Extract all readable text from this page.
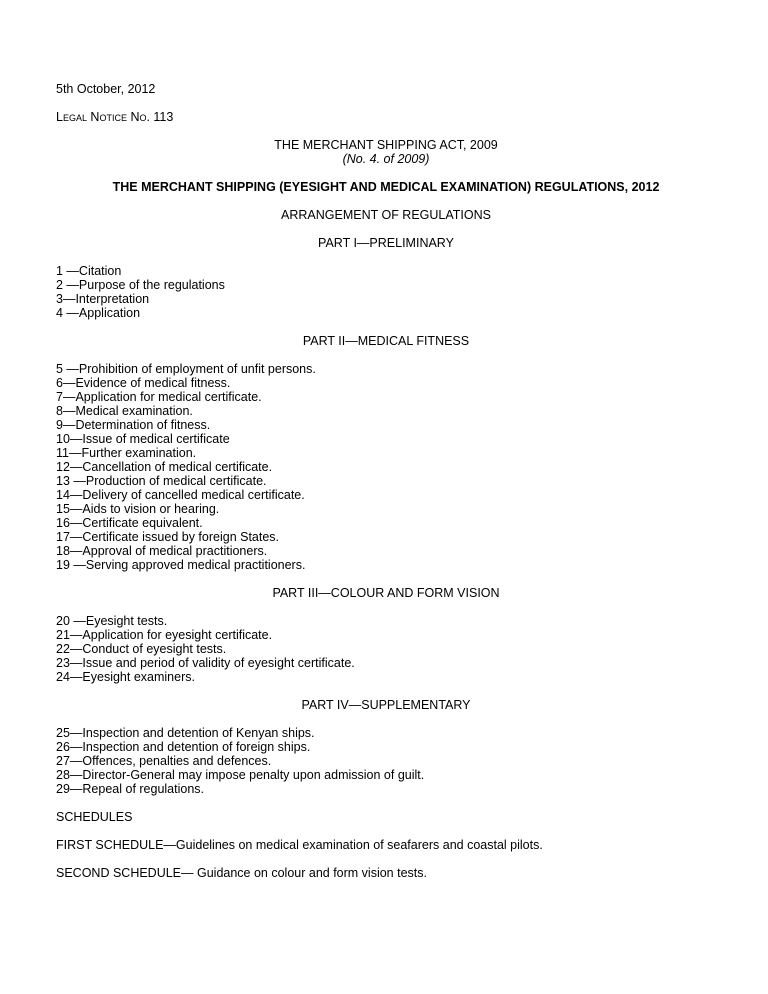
5th October, 2012
Legal Notice No. 113
THE MERCHANT SHIPPING ACT, 2009
(No. 4. of 2009)
THE MERCHANT SHIPPING (EYESIGHT AND MEDICAL EXAMINATION) REGULATIONS, 2012
ARRANGEMENT OF REGULATIONS
PART I—PRELIMINARY
1 —Citation
2 —Purpose of the regulations
3—Interpretation
4 —Application
PART II—MEDICAL FITNESS
5 —Prohibition of employment of unfit persons.
6—Evidence of medical fitness.
7—Application for medical certificate.
8—Medical examination.
9—Determination of fitness.
10—Issue of medical certificate
11—Further examination.
12—Cancellation of medical certificate.
13 —Production of medical certificate.
14—Delivery of cancelled medical certificate.
15—Aids to vision or hearing.
16—Certificate equivalent.
17—Certificate issued by foreign States.
18—Approval of medical practitioners.
19 —Serving approved medical practitioners.
PART III—COLOUR AND FORM VISION
20 —Eyesight tests.
21—Application for eyesight certificate.
22—Conduct of eyesight tests.
23—Issue and period of validity of eyesight certificate.
24—Eyesight examiners.
PART IV—SUPPLEMENTARY
25—Inspection and detention of Kenyan ships.
26—Inspection and detention of foreign ships.
27—Offences, penalties and defences.
28—Director-General may impose penalty upon admission of guilt.
29—Repeal of regulations.
SCHEDULES
FIRST SCHEDULE—Guidelines on medical examination of seafarers and coastal pilots.
SECOND SCHEDULE— Guidance on colour and form vision tests.
